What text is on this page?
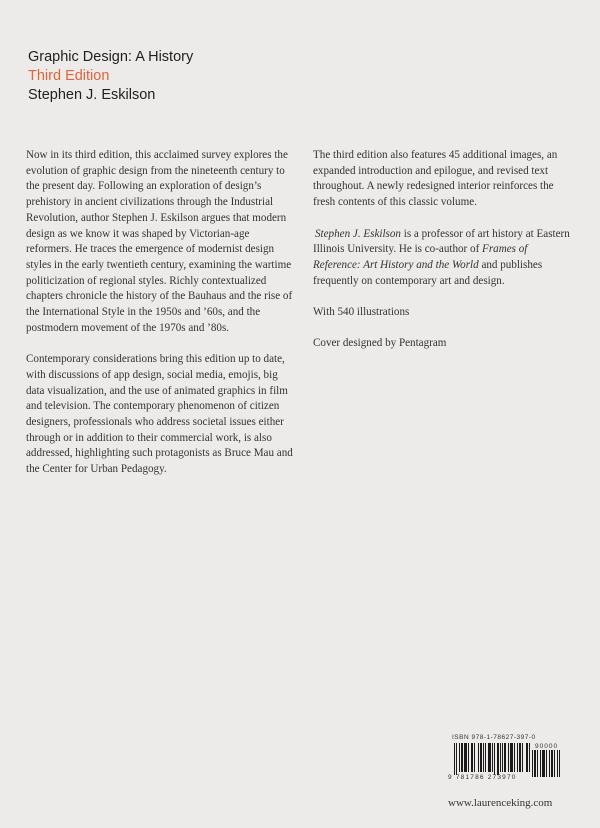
Graphic Design: A History
Third Edition
Stephen J. Eskilson

Now in its third edition, this acclaimed survey explores the evolution of graphic design from the nineteenth century to the present day. Following an exploration of design’s prehistory in ancient civilizations through the Industrial Revolution, author Stephen J. Eskilson argues that modern design as we know it was shaped by Victorian-age reformers. He traces the emergence of modernist design styles in the early twentieth century, examining the wartime politicization of regional styles. Richly contextualized chapters chronicle the history of the Bauhaus and the rise of the International Style in the 1950s and ’60s, and the postmodern movement of the 1970s and ’80s.

Contemporary considerations bring this edition up to date, with discussions of app design, social media, emojis, big data visualization, and the use of animated graphics in film and television. The contemporary phenomenon of citizen designers, professionals who address societal issues either through or in addition to their commercial work, is also addressed, highlighting such protagonists as Bruce Mau and the Center for Urban Pedagogy.

The third edition also features 45 additional images, an expanded introduction and epilogue, and revised text throughout. A newly redesigned interior reinforces the fresh contents of this classic volume.

Stephen J. Eskilson is a professor of art history at Eastern Illinois University. He is co-author of Frames of Reference: Art History and the World and publishes frequently on contemporary art and design.

With 540 illustrations

Cover designed by Pentagram

ISBN 978-1-78627-397-0
90000
9 781786 273970
www.laurenceking.com
